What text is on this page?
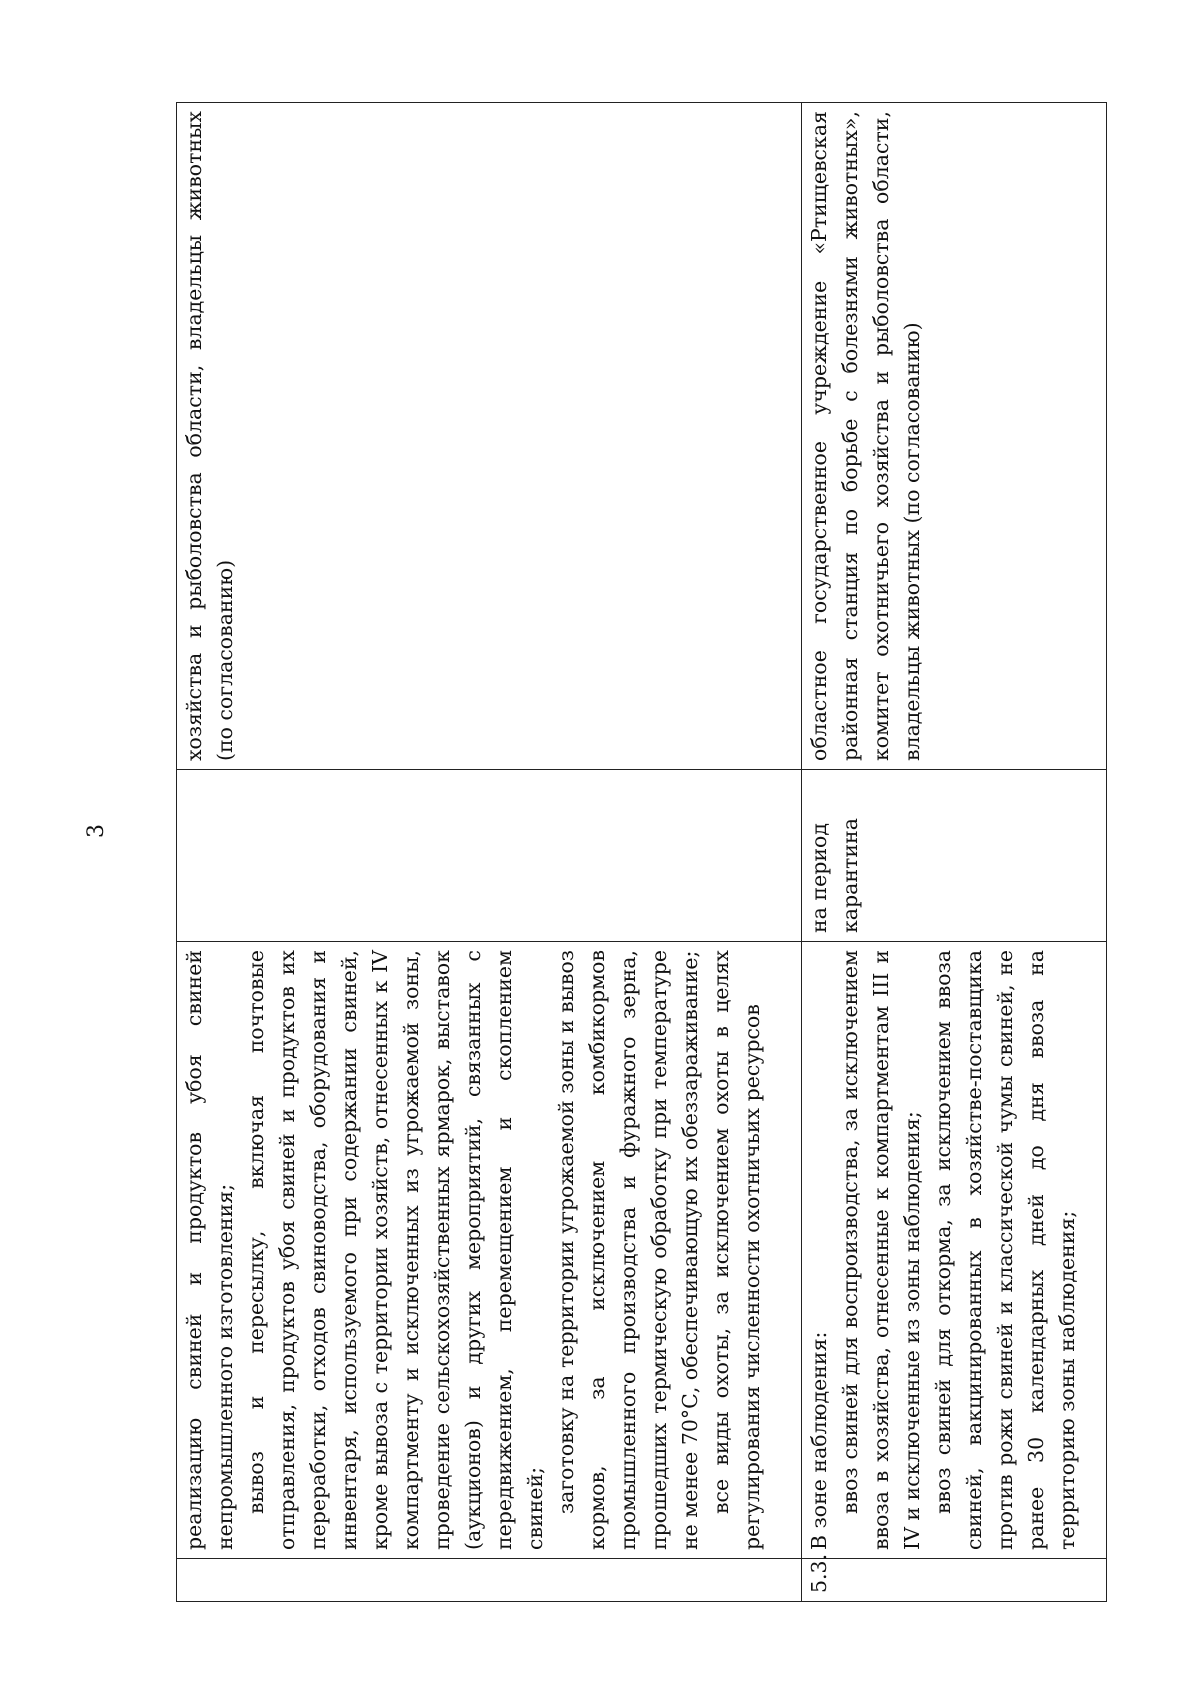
3

	реализацию свиней и продуктов убоя свиней непромышленного изготовления; вывоз и пересылку, включая почтовые отправления, продуктов убоя свиней и продуктов их переработки, отходов свиноводства, оборудования и инвентаря, используемого при содержании свиней, кроме вывоза с территории хозяйств, отнесенных к IV компартменту и исключенных из угрожаемой зоны, проведение сельскохозяйственных ярмарок, выставок (аукционов) и других мероприятий, связанных с передвижением, перемещением и скоплением свиней; заготовку на территории угрожаемой зоны и вывоз кормов, за исключением комбикормов промышленного производства и фуражного зерна, прошедших термическую обработку при температуре не менее 70°С, обеспечивающую их обеззараживание; все виды охоты, за исключением охоты в целях регулирования численности охотничьих ресурсов		хозяйства и рыболовства области, владельцы животных (по согласованию)
5.3.	В зоне наблюдения: ввоз свиней для воспроизводства, за исключением ввоза в хозяйства, отнесенные к компартментам III и IV и исключенные из зоны наблюдения; ввоз свиней для откорма, за исключением ввоза свиней, вакцинированных в хозяйстве-поставщика против рожи свиней и классической чумы свиней, не ранее 30 календарных дней до дня ввоза на территорию зоны наблюдения;	на период карантина	областное государственное учреждение «Ртищевская районная станция по борьбе с болезнями животных», комитет охотничьего хозяйства и рыболовства области, владельцы животных (по согласованию)
